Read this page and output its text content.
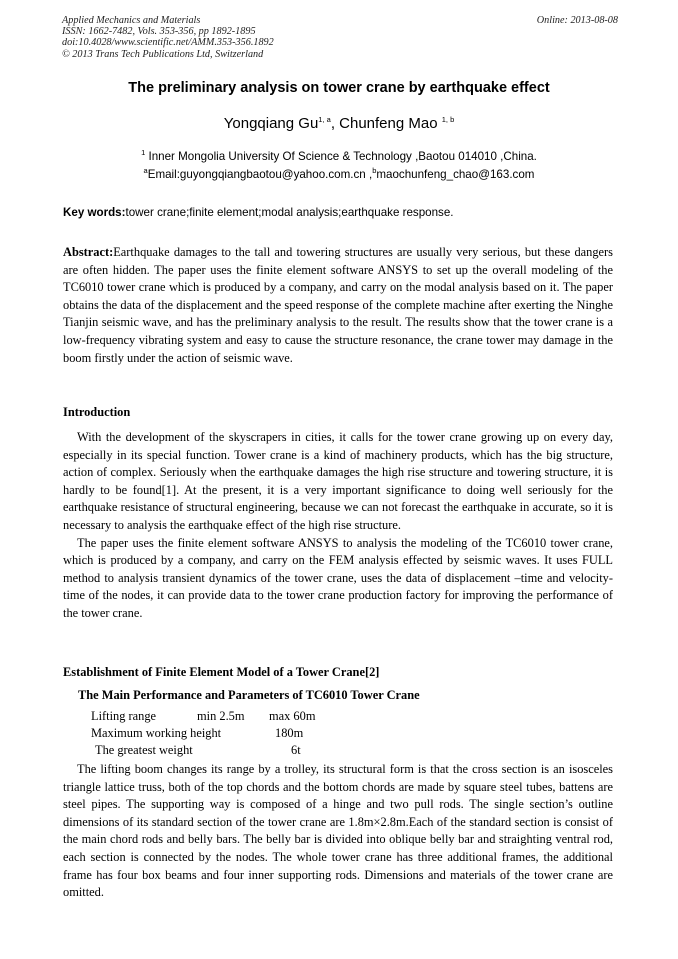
Applied Mechanics and Materials
ISSN: 1662-7482, Vols. 353-356, pp 1892-1895
doi:10.4028/www.scientific.net/AMM.353-356.1892
© 2013 Trans Tech Publications Ltd, Switzerland
Online: 2013-08-08
The preliminary analysis on tower crane by earthquake effect
Yongqiang Gu$^{1, a}$, Chunfeng Mao $^{1, b}$
$^1$ Inner Mongolia University Of Science & Technology ,Baotou 014010 ,China.
$^a$Email:guyongqiangbaotou@yahoo.com.cn ,$^b$maochunfeng_chao@163.com
Key words:tower crane;finite element;modal analysis;earthquake response.
Abstract:Earthquake damages to the tall and towering structures are usually very serious, but these dangers are often hidden. The paper uses the finite element software ANSYS to set up the overall modeling of the TC6010 tower crane which is produced by a company, and carry on the modal analysis based on it. The paper obtains the data of the displacement and the speed response of the complete machine after exerting the Ninghe Tianjin seismic wave, and has the preliminary analysis to the result. The results show that the tower crane is a low-frequency vibrating system and easy to cause the structure resonance, the crane tower may damage in the boom firstly under the action of seismic wave.
Introduction

With the development of the skyscrapers in cities, it calls for the tower crane growing up on every day, especially in its special function. Tower crane is a kind of machinery products, which has the big structure, action of complex. Seriously when the earthquake damages the high rise structure and towering structure, it is hardly to be found[1]. At the present, it is a very important significance to doing well seriously for the earthquake resistance of structural engineering, because we can not forecast the earthquake in accurate, so it is necessary to analysis the earthquake effect of the high rise structure.

The paper uses the finite element software ANSYS to analysis the modeling of the TC6010 tower crane, which is produced by a company, and carry on the FEM analysis effected by seismic waves. It uses FULL method to analysis transient dynamics of the tower crane, uses the data of displacement –time and velocity-time of the nodes, it can provide data to the tower crane production factory for improving the performance of the tower crane.

Establishment of Finite Element Model of a Tower Crane[2]
The Main Performance and Parameters of TC6010 Tower Crane
Lifting range	min 2.5m max 60m
Maximum working height	180m
The greatest weight	6t

The lifting boom changes its range by a trolley, its structural form is that the cross section is an isosceles triangle lattice truss, both of the top chords and the bottom chords are made by square steel tubes, battens are steel pipes. The supporting way is composed of a hinge and two pull rods. The single section’s outline dimensions of its standard section of the tower crane are 1.8m×2.8m.Each of the standard section is consist of the main chord rods and belly bars. The belly bar is divided into oblique belly bar and straighting ventral rod, each section is connected by the nodes. The whole tower crane has three additional frames, the additional frame has four box beams and four inner supporting rods. Dimensions and materials of the tower crane are omitted.
